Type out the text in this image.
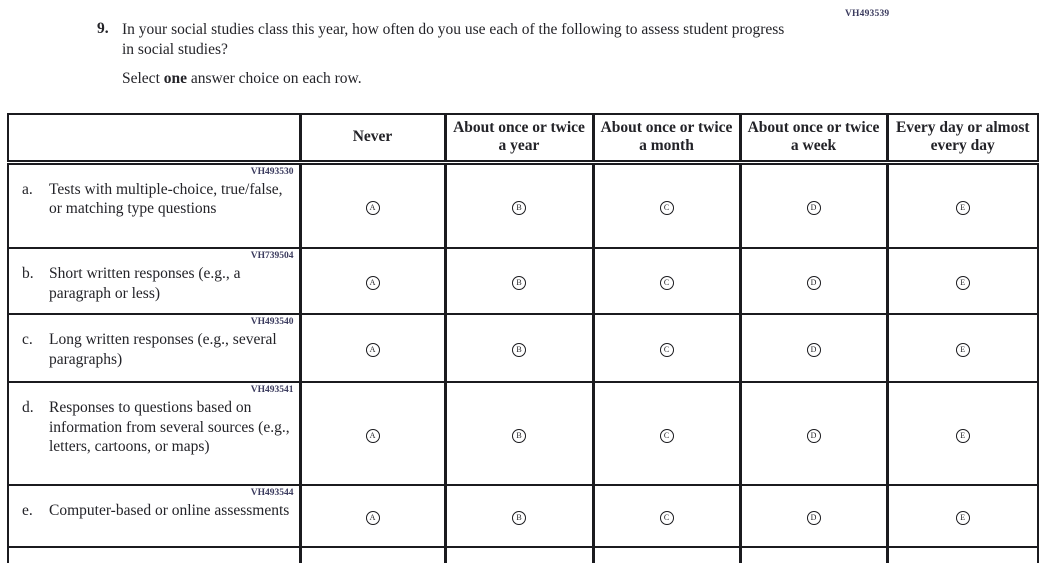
VH493539
9. In your social studies class this year, how often do you use each of the following to assess student progress in social studies?
Select one answer choice on each row.
	Never	About once or twice a year	About once or twice a month	About once or twice a week	Every day or almost every day

VH493530
a. Tests with multiple-choice, true/false, or matching type questions	A	B	C	D	E

VH739504
b. Short written responses (e.g., a paragraph or less)	A	B	C	D	E

VH493540
c. Long written responses (e.g., several paragraphs)	A	B	C	D	E

VH493541
d. Responses to questions based on information from several sources (e.g., letters, cartoons, or maps)	A	B	C	D	E

VH493544
e. Computer-based or online assessments	A	B	C	D	E
